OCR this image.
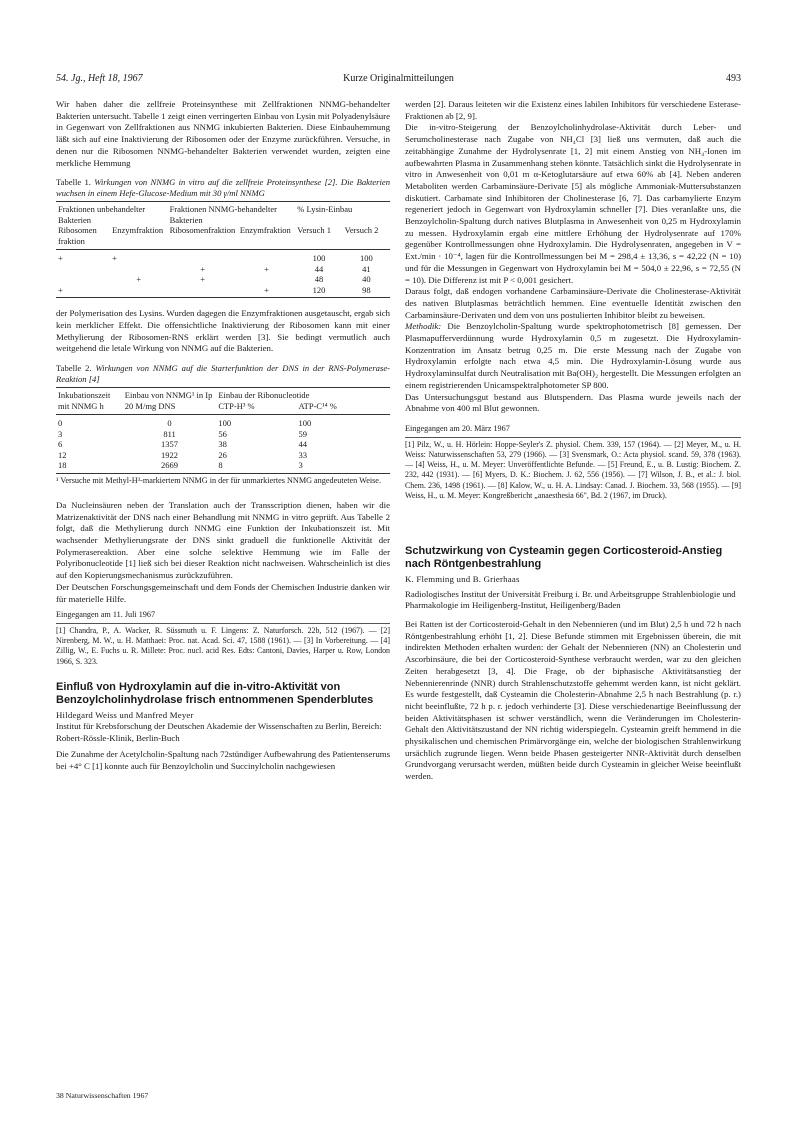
54. Jg., Heft 18, 1967	Kurze Originalmitteilungen	493

Wir haben daher die zellfreie Proteinsynthese mit Zellfraktionen NNMG-behandelter Bakterien untersucht. Tabelle 1 zeigt einen verringerten Einbau von Lysin mit Polyadenylsäure in Gegenwart von Zellfraktionen aus NNMG inkubierten Bakterien. Diese Einbauhemmung läßt sich auf eine Inaktivierung der Ribosomen oder der Enzyme zurückführen. Versuche, in denen nur die Ribosomen NNMG-behandelter Bakterien verwendet wurden, zeigten eine merkliche Hemmung

Tabelle 1. Wirkungen von NNMG in vitro auf die zellfreie Proteinsynthese [2]. Die Bakterien wuchsen in einem Hefe-Glucose-Medium mit 30 γ/ml NNMG
Fraktionen unbehandelter Bakterien		Fraktionen NNMG-behandelter Bakterien		% Lysin-Einbau	
Ribosomen fraktion	Enzymfraktion	Ribosomenfraktion	Enzymfraktion	Versuch 1	Versuch 2

+	+			100	100
		+	+	44	41
	+	+		48	40
+			+	120	98

der Polymerisation des Lysins. Wurden dagegen die Enzymfraktionen ausgetauscht, ergab sich kein merklicher Effekt. Die offensichtliche Inaktivierung der Ribosomen kann mit einer Methylierung der Ribosomen-RNS erklärt werden [3]. Sie bedingt vermutlich auch weitgehend die letale Wirkung von NNMG auf die Bakterien.

Tabelle 2. Wirkungen von NNMG auf die Starterfunktion der DNS in der RNS-Polymerase-Reaktion [4]
Inkubationszeit mit NNMG h	Einbau von NNMG¹ in Ip 20 M/mg DNS	Einbau der Ribonucleotide	
		CTP-H³ %	ATP-C¹⁴ %

0	0	100	100
3	811	56	59
6	1357	38	44
12	1922	26	33
18	2669	8	3

¹ Versuche mit Methyl-H³-markiertem NNMG in der für unmarkiertes NNMG angedeuteten Weise.

Da Nucleinsäuren neben der Translation auch der Transscription dienen, haben wir die Matrizenaktivität der DNS nach einer Behandlung mit NNMG in vitro geprüft. Aus Tabelle 2 folgt, daß die Methylierung durch NNMG eine Funktion der Inkubationszeit ist. Mit wachsender Methylierungsrate der DNS sinkt graduell die funktionelle Aktivität der Polymerasereaktion. Aber eine solche selektive Hemmung wie im Falle der Polyribonucleotide [1] ließ sich bei dieser Reaktion nicht nachweisen. Wahrscheinlich ist dies auf den Kopierungsmechanismus zurückzuführen.

Der Deutschen Forschungsgemeinschaft und dem Fonds der Chemischen Industrie danken wir für materielle Hilfe.

Eingegangen am 11. Juli 1967

[1] Chandra, P., A. Wacker, R. Süssmuth u. F. Lingens: Z. Naturforsch. 22b, 512 (1967). — [2] Nirenberg, M. W., u. H. Matthaei: Proc. nat. Acad. Sci. 47, 1588 (1961). — [3] In Vorbereitung. — [4] Zillig, W., E. Fuchs u. R. Millete: Proc. nucl. acid Res. Edts: Cantoni, Davies, Harper u. Row, London 1966, S. 323.

Einfluß von Hydroxylamin auf die in-vitro-Aktivität von Benzoylcholinhydrolase frisch entnommenen Spenderblutes

Hildegard Weiss und Manfred Meyer

Institut für Krebsforschung der Deutschen Akademie der Wissenschaften zu Berlin, Bereich: Robert-Rössle-Klinik, Berlin-Buch

Die Zunahme der Acetylcholin-Spaltung nach 72stündiger Aufbewahrung des Patientenserums bei +4° C [1] konnte auch für Benzoylcholin und Succinylcholin nachgewiesen

werden [2]. Daraus leiteten wir die Existenz eines labilen Inhibitors für verschiedene Esterase-Fraktionen ab [2, 9].

Die in-vitro-Steigerung der Benzoylcholinhydrolase-Aktivität durch Leber- und Serumcholinesterase nach Zugabe von NH₄Cl [3] ließ uns vermuten, daß auch die zeitabhängige Zunahme der Hydrolysenrate [1, 2] mit einem Anstieg von NH₄-Ionen im aufbewahrten Plasma in Zusammenhang stehen könnte. Tatsächlich sinkt die Hydrolysenrate in vitro in Anwesenheit von 0,01 m α-Ketoglutarsäure auf etwa 60% ab [4]. Neben anderen Metaboliten werden Carbaminsäure-Derivate [5] als mögliche Ammoniak-Muttersubstanzen diskutiert. Carbamate sind Inhibitoren der Cholinesterase [6, 7]. Das carbamylierte Enzym regeneriert jedoch in Gegenwart von Hydroxylamin schneller [7]. Dies veranlaßte uns, die Benzoylcholin-Spaltung durch natives Blutplasma in Anwesenheit von 0,25 m Hydroxylamin zu messen. Hydroxylamin ergab eine mittlere Erhöhung der Hydrolysenrate auf 170% gegenüber Kontrollmessungen ohne Hydroxylamin. Die Hydrolysenraten, angegeben in V = Ext./min · 10⁻⁴, lagen für die Kontrollmessungen bei M = 298,4 ± 13,36, s = 42,22 (N = 10) und für die Messungen in Gegenwart von Hydroxylamin bei M = 504,0 ± 22,96, s = 72,55 (N = 10). Die Differenz ist mit P < 0,001 gesichert.

Daraus folgt, daß endogen vorhandene Carbaminsäure-Derivate die Cholinesterase-Aktivität des nativen Blutplasmas beträchtlich hemmen. Eine eventuelle Identität zwischen den Carbaminsäure-Derivaten und dem von uns postulierten Inhibitor bleibt zu beweisen.

Methodik: Die Benzoylcholin-Spaltung wurde spektrophotometrisch [8] gemessen. Der Plasmapufferverdünnung wurde Hydroxylamin 0,5 m zugesetzt. Die Hydroxylamin-Konzentration im Ansatz betrug 0,25 m. Die erste Messung nach der Zugabe von Hydroxylamin erfolgte nach etwa 4,5 min. Die Hydroxylamin-Lösung wurde aus Hydroxylaminsulfat durch Neutralisation mit Ba(OH)₂ hergestellt. Die Messungen erfolgten an einem registrierenden Unicamspektralphotometer SP 800.

Das Untersuchungsgut bestand aus Blutspendern. Das Plasma wurde jeweils nach der Abnahme von 400 ml Blut gewonnen.

Eingegangen am 20. März 1967

[1] Pilz, W., u. H. Hörlein: Hoppe-Seyler's Z. physiol. Chem. 339, 157 (1964). — [2] Meyer, M., u. H. Weiss: Naturwissenschaften 53, 279 (1966). — [3] Svensmark, O.: Acta physiol. scand. 59, 378 (1963). — [4] Weiss, H., u. M. Meyer: Unveröffentlichte Befunde. — [5] Freund, E., u. B. Lustig: Biochem. Z. 232, 442 (1931). — [6] Myers, D. K.: Biochem. J. 62, 556 (1956). — [7] Wilson, J. B., et al.: J. biol. Chem. 236, 1498 (1961). — [8] Kalow, W., u. H. A. Lindsay: Canad. J. Biochem. 33, 568 (1955). — [9] Weiss, H., u. M. Meyer: Kongreßbericht „anaesthesia 66", Bd. 2 (1967, im Druck).

Schutzwirkung von Cysteamin gegen Corticosteroid-Anstieg nach Röntgenbestrahlung

K. Flemming und B. Grierhaas

Radiologisches Institut der Universität Freiburg i. Br. und Arbeitsgruppe Strahlenbiologie und Pharmakologie im Heiligenberg-Institut, Heiligenberg/Baden

Bei Ratten ist der Corticosteroid-Gehalt in den Nebennieren (und im Blut) 2,5 h und 72 h nach Röntgenbestrahlung erhöht [1, 2]. Diese Befunde stimmen mit Ergebnissen überein, die mit indirekten Methoden erhalten wurden: der Gehalt der Nebennieren (NN) an Cholesterin und Ascorbinsäure, die bei der Corticosteroid-Synthese verbraucht werden, war zu den gleichen Zeiten herabgesetzt [3, 4]. Die Frage, ob der biphasische Aktivitätsanstieg der Nebennierenrinde (NNR) durch Strahlenschutzstoffe gehemmt werden kann, ist nicht geklärt. Es wurde festgestellt, daß Cysteamin die Cholesterin-Abnahme 2,5 h nach Bestrahlung (p. r.) nicht beeinflußte, 72 h p. r. jedoch verhinderte [3]. Diese verschiedenartige Beeinflussung der beiden Aktivitätsphasen ist schwer verständlich, wenn die Veränderungen im Cholesterin-Gehalt den Aktivitätszustand der NN richtig widerspiegeln. Cysteamin greift hemmend in die physikalischen und chemischen Primärvorgänge ein, welche der biologischen Strahlenwirkung ursächlich zugrunde liegen. Wenn beide Phasen gesteigerter NNR-Aktivität durch denselben Grundvorgang verursacht werden, müßten beide durch Cysteamin in gleicher Weise beeinflußt werden.

38 Naturwissenschaften 1967
